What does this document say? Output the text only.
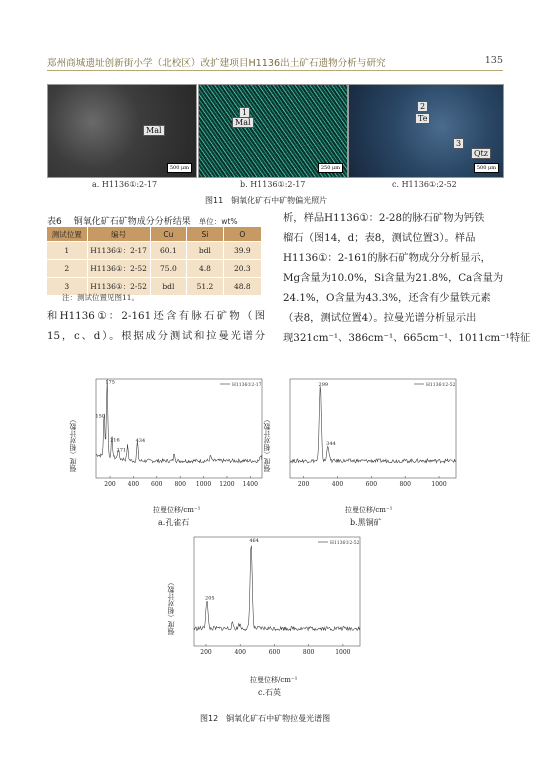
郑州商城遗址创新街小学（北校区）改扩建项目H1136出土矿石遗物分析与研究	135
Mal
500 μm
1
Mal
250 μm
2
Te
3
Qtz
500 μm
a. H1136①:2-17	b. H1136①:2-17	c. H1136①:2-52
图11　铜氧化矿石中矿物偏光照片
表6 铜氧化矿石矿物成分分析结果 单位：wt%
测试位置	编号	Cu	Si	O
1	H1136①：2-17	60.1	bdl	39.9
2	H1136①：2-52	75.0	4.8	20.3
3	H1136①：2-52	bdl	51.2	48.8
注：测试位置见图11。
和H1136①：2-161还含有脉石矿物（图
15，c、d）。根据成分测试和拉曼光谱分
析，样品H1136①：2-28的脉石矿物为钙铁
榴石（图14，d；表8，测试位置3）。样品
H1136①：2-161的脉石矿物成分分析显示，
Mg含量为10.0%，Si含量为21.8%，Ca含量为
24.1%，O含量为43.3%，还含有少量铁元素
（表8，测试位置4）。拉曼光谱分析显示出
现321cm⁻¹、386cm⁻¹、665cm⁻¹、1011cm⁻¹特征
200 400 600 800 1000 1200 1400
150
175
216
271
434
H1136①2-17
强度（相对计数）
拉曼位移/cm⁻¹
a.孔雀石
200	400	600	800	1000
299
344
H1136①2-52
强度（相对计数）
拉曼位移/cm⁻¹
b.黑铜矿
200	400	600	800	1000
205
464	H1136①2-52
强度（相对计数）
拉曼位移/cm⁻¹
c.石英
图12　铜氧化矿石中矿物拉曼光谱图
